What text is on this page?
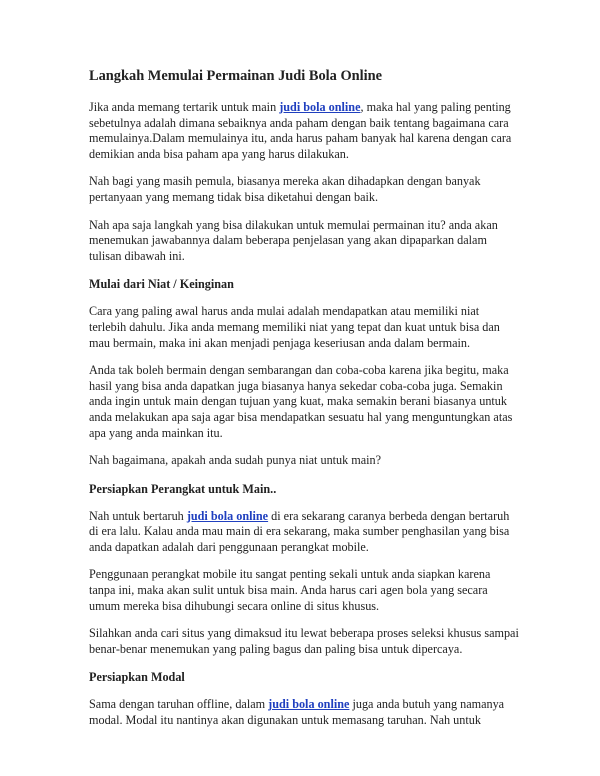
Langkah Memulai Permainan Judi Bola Online

Jika anda memang tertarik untuk main judi bola online, maka hal yang paling penting sebetulnya adalah dimana sebaiknya anda paham dengan baik tentang bagaimana cara memulainya.Dalam memulainya itu, anda harus paham banyak hal karena dengan cara demikian anda bisa paham apa yang harus dilakukan.

Nah bagi yang masih pemula, biasanya mereka akan dihadapkan dengan banyak pertanyaan yang memang tidak bisa diketahui dengan baik.

Nah apa saja langkah yang bisa dilakukan untuk memulai permainan itu? anda akan menemukan jawabannya dalam beberapa penjelasan yang akan dipaparkan dalam tulisan dibawah ini.

Mulai dari Niat / Keinginan

Cara yang paling awal harus anda mulai adalah mendapatkan atau memiliki niat terlebih dahulu. Jika anda memang memiliki niat yang tepat dan kuat untuk bisa dan mau bermain, maka ini akan menjadi penjaga keseriusan anda dalam bermain.

Anda tak boleh bermain dengan sembarangan dan coba-coba karena jika begitu, maka hasil yang bisa anda dapatkan juga biasanya hanya sekedar coba-coba juga. Semakin anda ingin untuk main dengan tujuan yang kuat, maka semakin berani biasanya untuk anda melakukan apa saja agar bisa mendapatkan sesuatu hal yang menguntungkan atas apa yang anda mainkan itu.

Nah bagaimana, apakah anda sudah punya niat untuk main?

Persiapkan Perangkat untuk Main..

Nah untuk bertaruh judi bola online di era sekarang caranya berbeda dengan bertaruh di era lalu. Kalau anda mau main di era sekarang, maka sumber penghasilan yang bisa anda dapatkan adalah dari penggunaan perangkat mobile.

Penggunaan perangkat mobile itu sangat penting sekali untuk anda siapkan karena tanpa ini, maka akan sulit untuk bisa main. Anda harus cari agen bola yang secara umum mereka bisa dihubungi secara online di situs khusus.

Silahkan anda cari situs yang dimaksud itu lewat beberapa proses seleksi khusus sampai benar-benar menemukan yang paling bagus dan paling bisa untuk dipercaya.

Persiapkan Modal

Sama dengan taruhan offline, dalam judi bola online juga anda butuh yang namanya modal. Modal itu nantinya akan digunakan untuk memasang taruhan. Nah untuk
